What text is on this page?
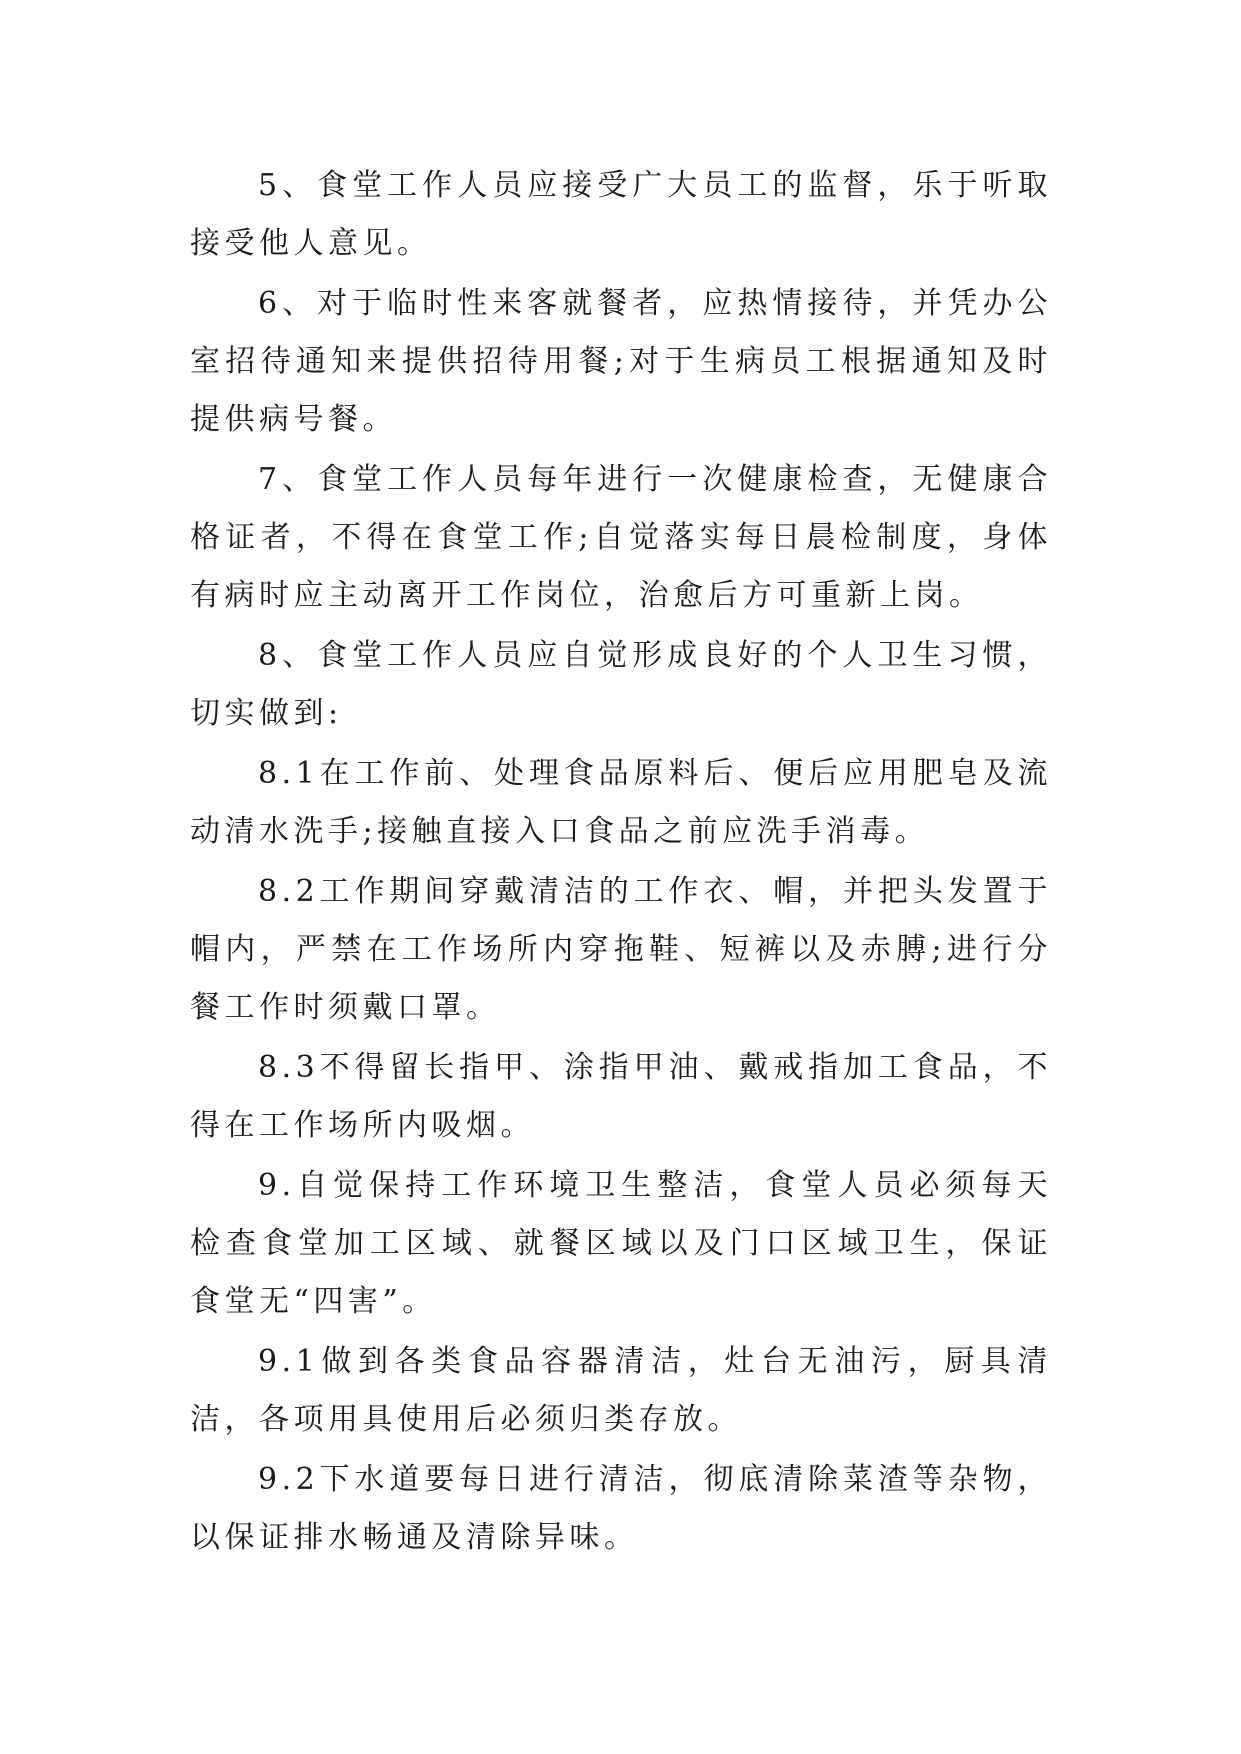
5、食堂工作人员应接受广大员工的监督，乐于听取接受他人意见。

6、对于临时性来客就餐者，应热情接待，并凭办公室招待通知来提供招待用餐;对于生病员工根据通知及时提供病号餐。

7、食堂工作人员每年进行一次健康检查，无健康合格证者，不得在食堂工作;自觉落实每日晨检制度，身体有病时应主动离开工作岗位，治愈后方可重新上岗。

8、食堂工作人员应自觉形成良好的个人卫生习惯，切实做到:

8.1在工作前、处理食品原料后、便后应用肥皂及流动清水洗手;接触直接入口食品之前应洗手消毒。

8.2工作期间穿戴清洁的工作衣、帽，并把头发置于帽内，严禁在工作场所内穿拖鞋、短裤以及赤膊;进行分餐工作时须戴口罩。

8.3不得留长指甲、涂指甲油、戴戒指加工食品，不得在工作场所内吸烟。

9.自觉保持工作环境卫生整洁，食堂人员必须每天检查食堂加工区域、就餐区域以及门口区域卫生，保证食堂无“四害”。

9.1做到各类食品容器清洁，灶台无油污，厨具清洁，各项用具使用后必须归类存放。

9.2下水道要每日进行清洁，彻底清除菜渣等杂物，以保证排水畅通及清除异味。
